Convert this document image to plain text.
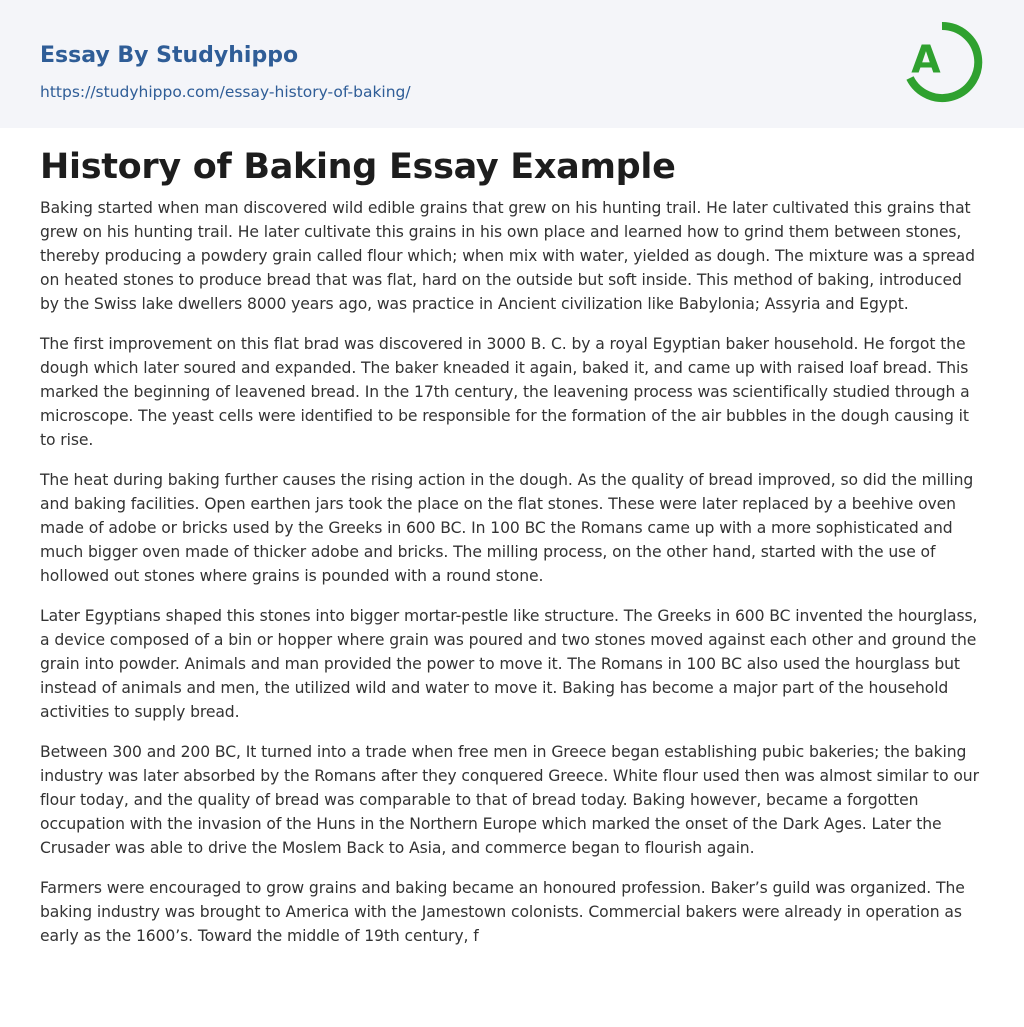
Essay By Studyhippo
https://studyhippo.com/essay-history-of-baking/
A
History of Baking Essay Example

Baking started when man discovered wild edible grains that grew on his hunting trail. He later cultivated this grains that grew on his hunting trail. He later cultivate this grains in his own place and learned how to grind them between stones, thereby producing a powdery grain called flour which; when mix with water, yielded as dough. The mixture was a spread on heated stones to produce bread that was flat, hard on the outside but soft inside. This method of baking, introduced by the Swiss lake dwellers 8000 years ago, was practice in Ancient civilization like Babylonia; Assyria and Egypt.

The first improvement on this flat brad was discovered in 3000 B. C. by a royal Egyptian baker household. He forgot the dough which later soured and expanded. The baker kneaded it again, baked it, and came up with raised loaf bread. This marked the beginning of leavened bread. In the 17th century, the leavening process was scientifically studied through a microscope. The yeast cells were identified to be responsible for the formation of the air bubbles in the dough causing it to rise.

The heat during baking further causes the rising action in the dough. As the quality of bread improved, so did the milling and baking facilities. Open earthen jars took the place on the flat stones. These were later replaced by a beehive oven made of adobe or bricks used by the Greeks in 600 BC. In 100 BC the Romans came up with a more sophisticated and much bigger oven made of thicker adobe and bricks. The milling process, on the other hand, started with the use of hollowed out stones where grains is pounded with a round stone.

Later Egyptians shaped this stones into bigger mortar-pestle like structure. The Greeks in 600 BC invented the hourglass, a device composed of a bin or hopper where grain was poured and two stones moved against each other and ground the grain into powder. Animals and man provided the power to move it. The Romans in 100 BC also used the hourglass but instead of animals and men, the utilized wild and water to move it. Baking has become a major part of the household activities to supply bread.

Between 300 and 200 BC, It turned into a trade when free men in Greece began establishing pubic bakeries; the baking industry was later absorbed by the Romans after they conquered Greece. White flour used then was almost similar to our flour today, and the quality of bread was comparable to that of bread today. Baking however, became a forgotten occupation with the invasion of the Huns in the Northern Europe which marked the onset of the Dark Ages. Later the Crusader was able to drive the Moslem Back to Asia, and commerce began to flourish again.

Farmers were encouraged to grow grains and baking became an honoured profession. Baker’s guild was organized. The baking industry was brought to America with the Jamestown colonists. Commercial bakers were already in operation as early as the 1600’s. Toward the middle of 19th century, f
